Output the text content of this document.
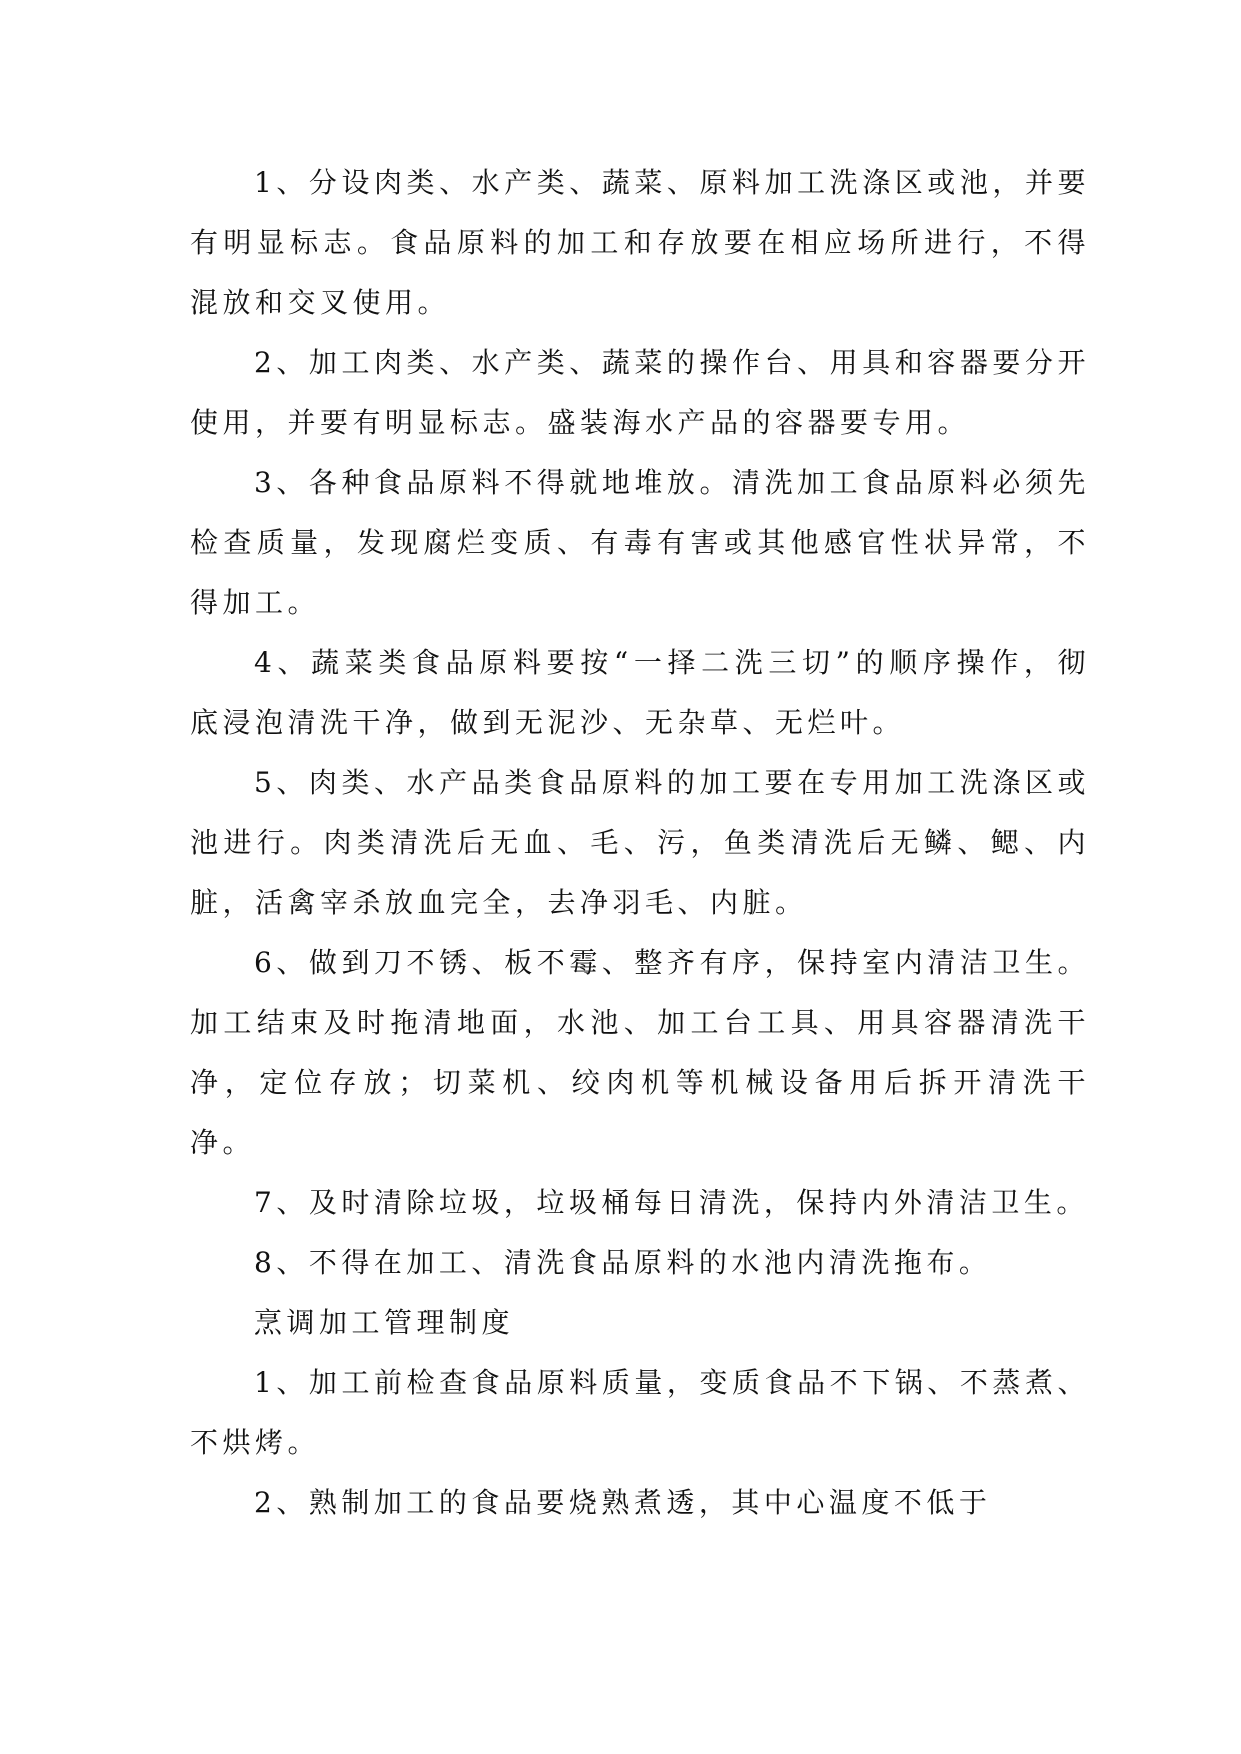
1、分设肉类、水产类、蔬菜、原料加工洗涤区或池，并要有明显标志。食品原料的加工和存放要在相应场所进行，不得混放和交叉使用。

2、加工肉类、水产类、蔬菜的操作台、用具和容器要分开使用，并要有明显标志。盛装海水产品的容器要专用。

3、各种食品原料不得就地堆放。清洗加工食品原料必须先检查质量，发现腐烂变质、有毒有害或其他感官性状异常，不得加工。

4、蔬菜类食品原料要按“一择二洗三切”的顺序操作，彻底浸泡清洗干净，做到无泥沙、无杂草、无烂叶。

5、肉类、水产品类食品原料的加工要在专用加工洗涤区或池进行。肉类清洗后无血、毛、污，鱼类清洗后无鳞、鳃、内脏，活禽宰杀放血完全，去净羽毛、内脏。

6、做到刀不锈、板不霉、整齐有序，保持室内清洁卫生。加工结束及时拖清地面，水池、加工台工具、用具容器清洗干净，定位存放；切菜机、绞肉机等机械设备用后拆开清洗干净。

7、及时清除垃圾，垃圾桶每日清洗，保持内外清洁卫生。

8、不得在加工、清洗食品原料的水池内清洗拖布。

烹调加工管理制度

1、加工前检查食品原料质量，变质食品不下锅、不蒸煮、不烘烤。

2、熟制加工的食品要烧熟煮透，其中心温度不低于
